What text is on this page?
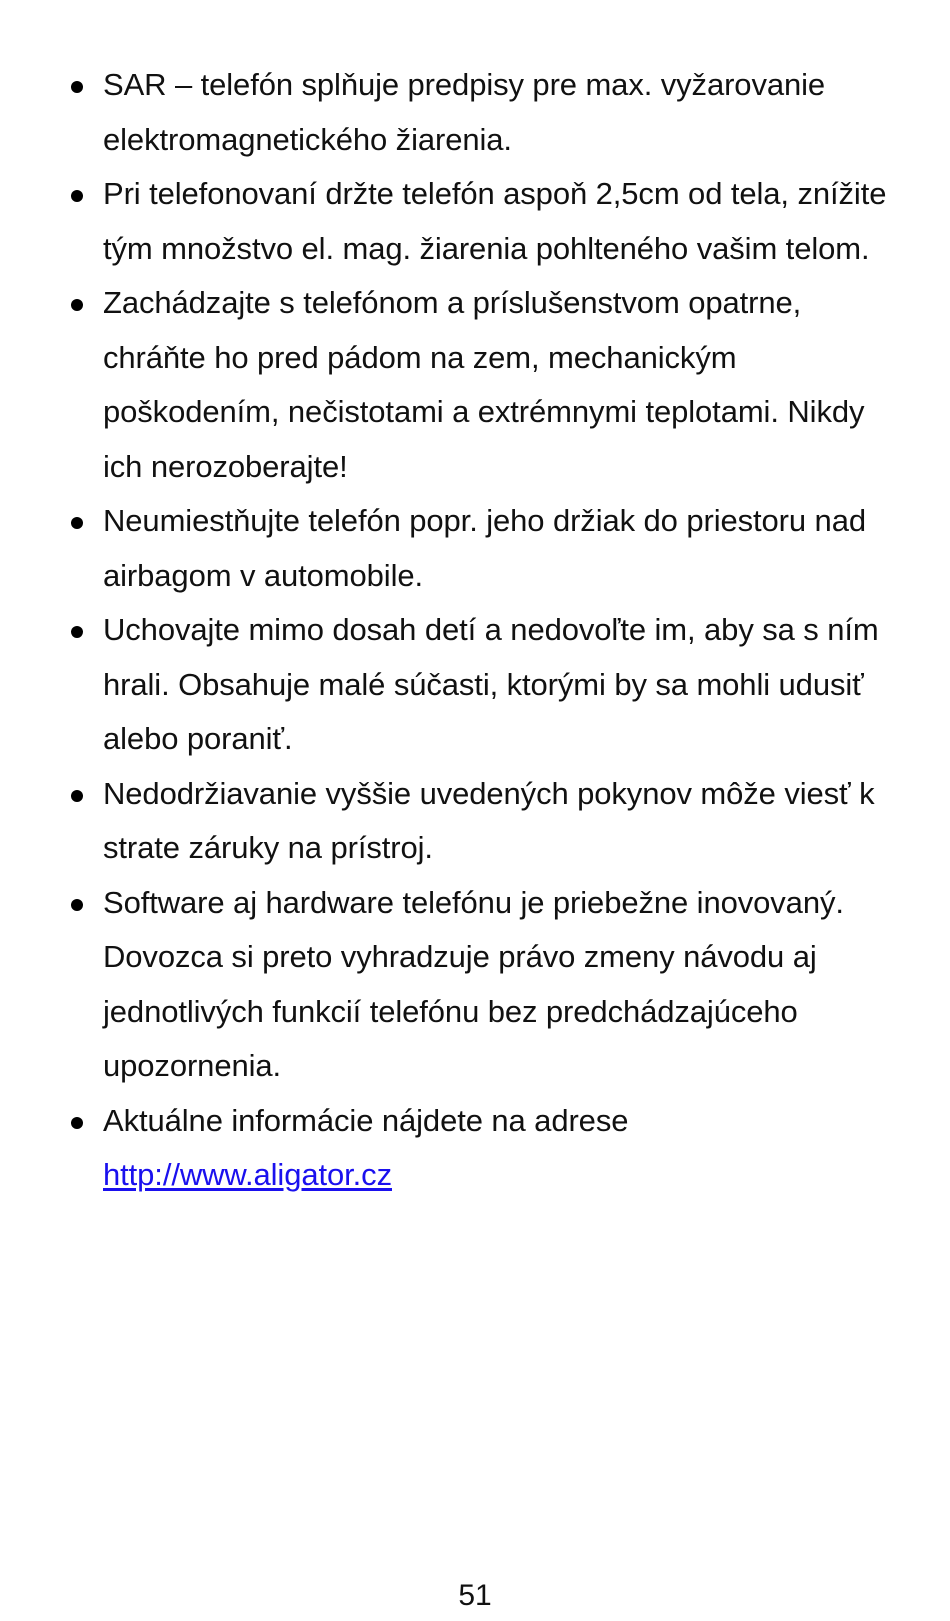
SAR – telefón splňuje predpisy pre max. vyžarovanie elektromagnetického žiarenia.
Pri telefonovaní držte telefón aspoň 2,5cm od tela, znížite tým množstvo el. mag. žiarenia pohlteného vašim telom.
Zachádzajte s telefónom a príslušenstvom opatrne, chráňte ho pred pádom na zem, mechanickým poškodením, nečistotami a extrémnymi teplotami. Nikdy ich nerozoberajte!
Neumiestňujte telefón popr. jeho držiak do priestoru nad airbagom v automobile.
Uchovajte mimo dosah detí a nedovoľte im, aby sa s ním hrali. Obsahuje malé súčasti, ktorými by sa mohli udusiť alebo poraniť.
Nedodržiavanie vyššie uvedených pokynov môže viesť k strate záruky na prístroj.
Software aj hardware telefónu je priebežne inovovaný. Dovozca si preto vyhradzuje právo zmeny návodu aj jednotlivých funkcií telefónu bez predchádzajúceho upozornenia.
Aktuálne informácie nájdete na adrese
http://www.aligator.cz
51
